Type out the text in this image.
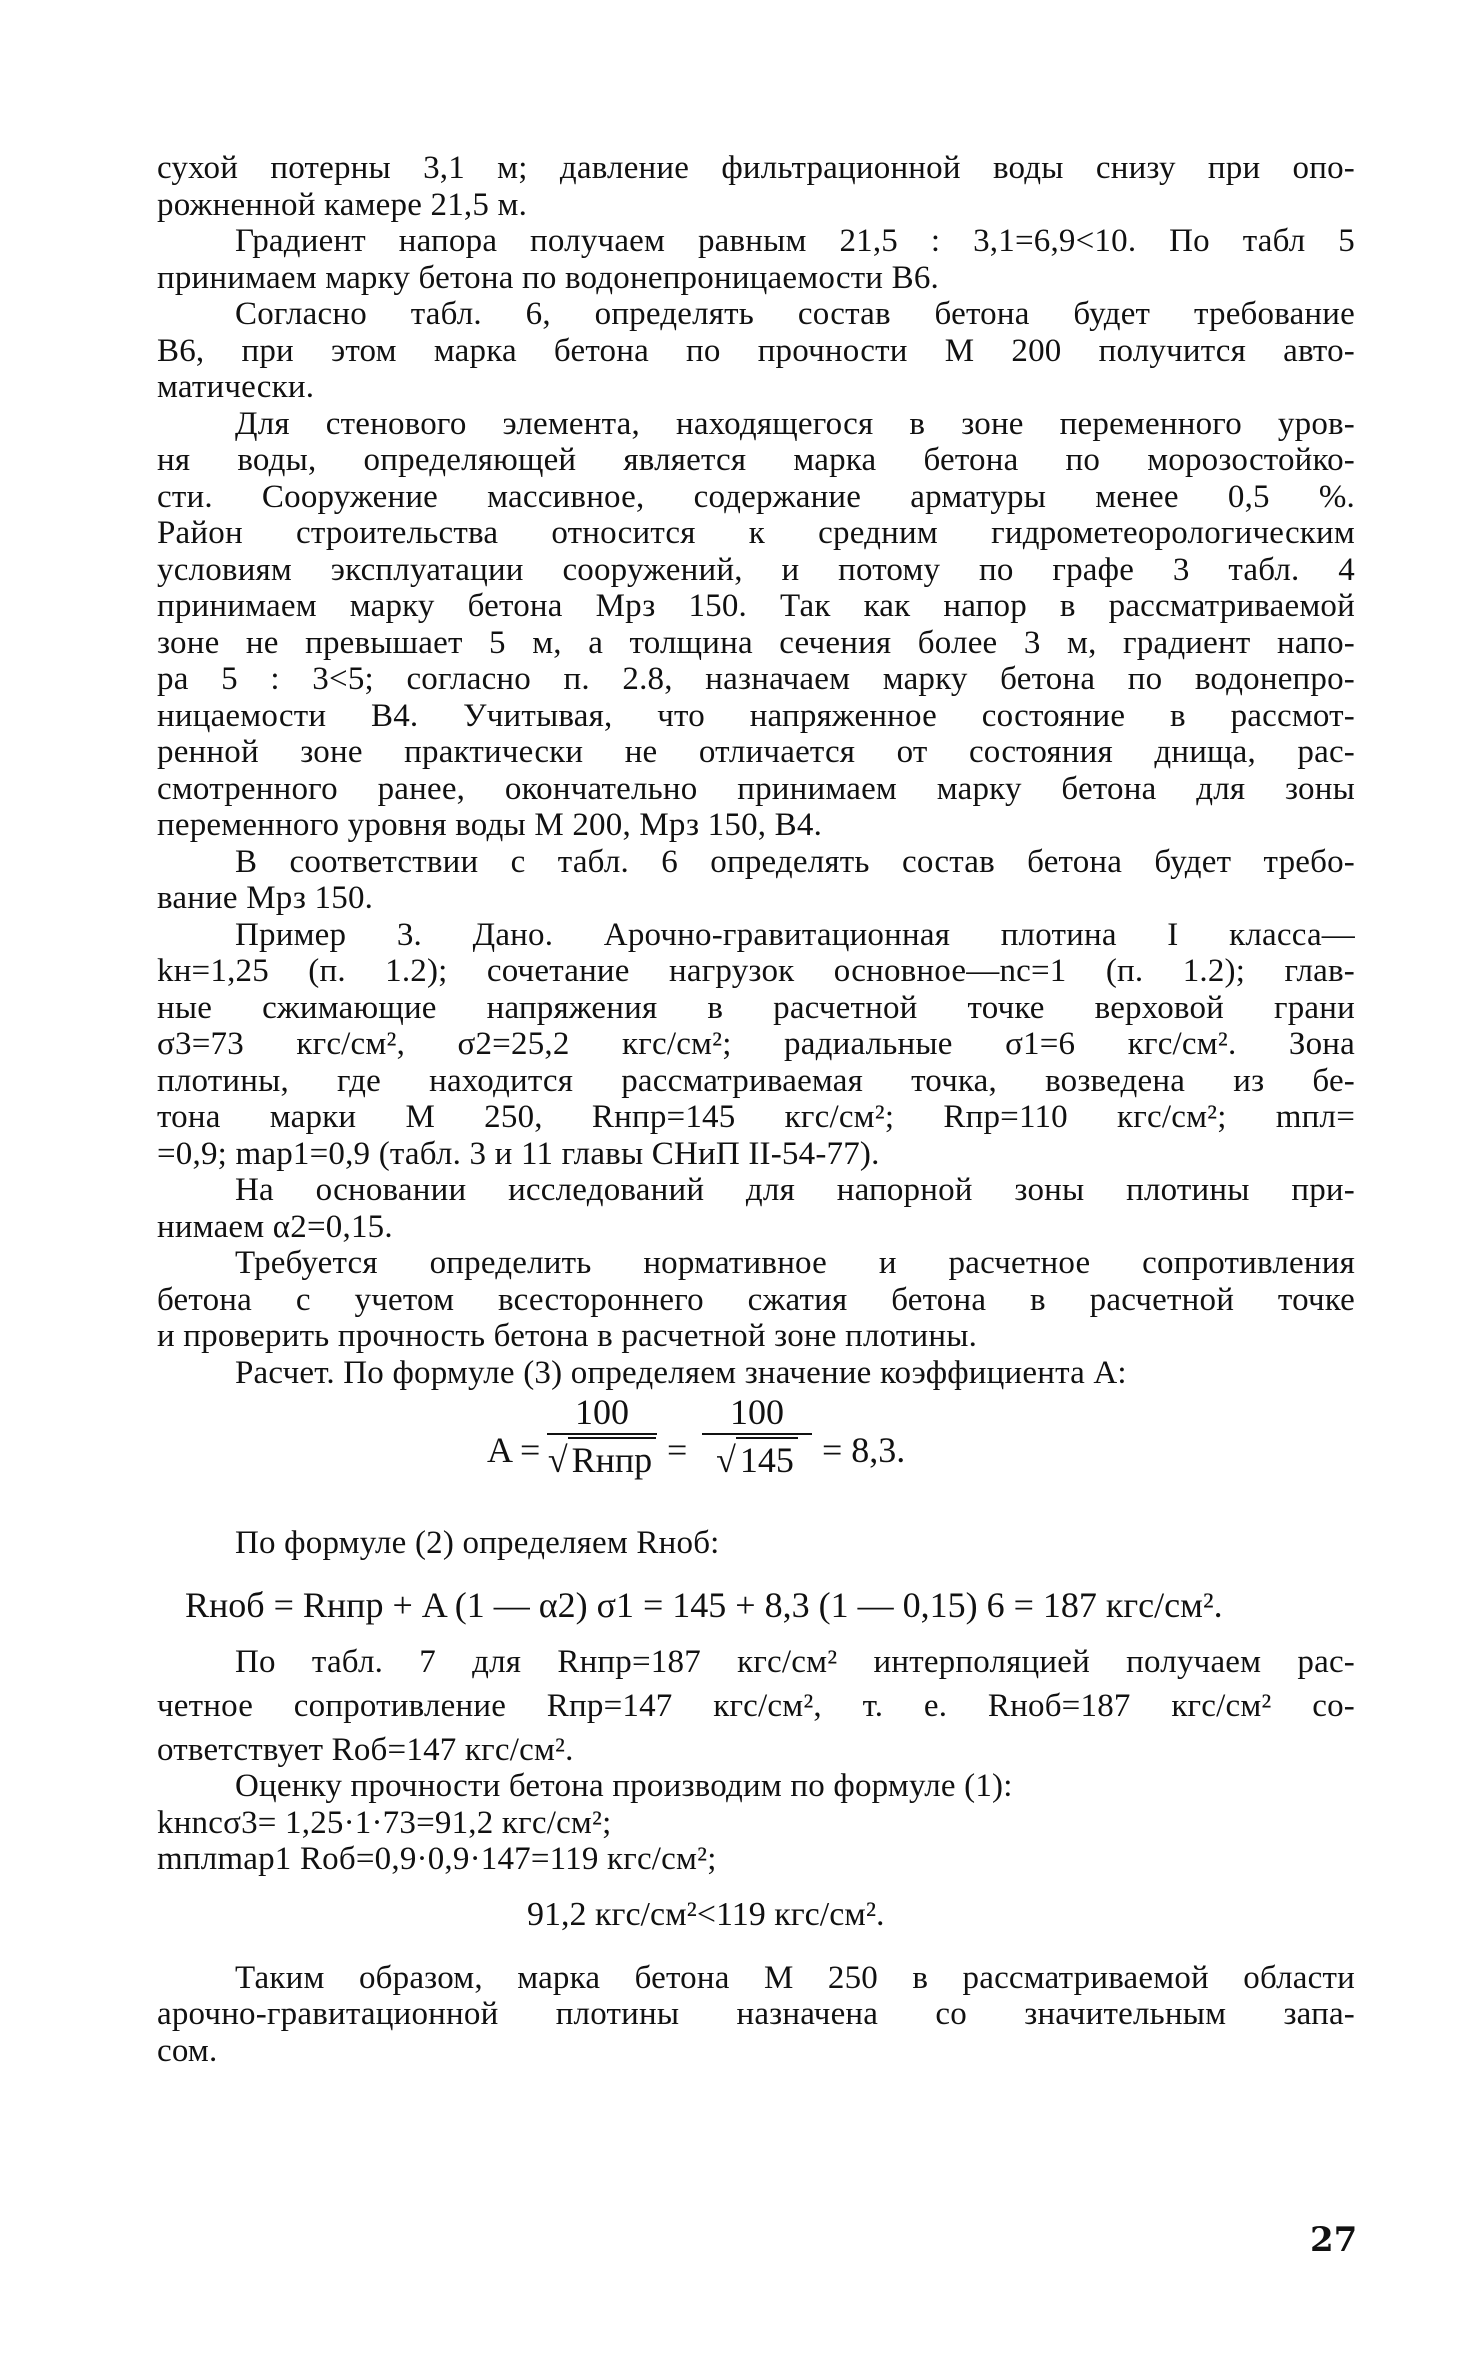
сухой потерны 3,1 м; давление фильтрационной воды снизу при опо-
рожненной камере 21,5 м.
Градиент напора получаем равным 21,5 : 3,1=6,9<10. По табл 5
принимаем марку бетона по водонепроницаемости В6.
Согласно табл. 6, определять состав бетона будет требование
В6, при этом марка бетона по прочности М 200 получится авто-
матически.
Для стенового элемента, находящегося в зоне переменного уров-
ня воды, определяющей является марка бетона по морозостойко-
сти. Сооружение массивное, содержание арматуры менее 0,5 %.
Район строительства относится к средним гидрометеорологическим
условиям эксплуатации сооружений, и потому по графе 3 табл. 4
принимаем марку бетона Мрз 150. Так как напор в рассматриваемой
зоне не превышает 5 м, а толщина сечения более 3 м, градиент напо-
ра 5 : 3<5; согласно п. 2.8, назначаем марку бетона по водонепро-
ницаемости В4. Учитывая, что напряженное состояние в рассмот-
ренной зоне практически не отличается от состояния днища, рас-
смотренного ранее, окончательно принимаем марку бетона для зоны
переменного уровня воды М 200, Мрз 150, В4.
В соответствии с табл. 6 определять состав бетона будет требо-
вание Мрз 150.
Пример 3. Дано. Арочно-гравитационная плотина I класса—
kн=1,25 (п. 1.2); сочетание нагрузок основное—nс=1 (п. 1.2); глав-
ные сжимающие напряжения в расчетной точке верховой грани
σ3=73 кгс/см², σ2=25,2 кгс/см²; радиальные σ1=6 кгс/см². Зона
плотины, где находится рассматриваемая точка, возведена из бе-
тона марки М 250, Rнпр=145 кгс/см²; Rпр=110 кгс/см²; mпл=
=0,9; mар1=0,9 (табл. 3 и 11 главы СНиП II-54-77).
На основании исследований для напорной зоны плотины при-
нимаем α2=0,15.
Требуется определить нормативное и расчетное сопротивления
бетона с учетом всестороннего сжатия бетона в расчетной точке
и проверить прочность бетона в расчетной зоне плотины.
Расчет. По формуле (3) определяем значение коэффициента A:
A =
100
√ Rнпр = $\frac{100}{√ 145} = 8,3$.
По формуле (2) определяем Rноб:
Rноб = Rнпр + A (1 — α2) σ1 = 145 + 8,3 (1 — 0,15) 6 = 187 кгс/см².
По табл. 7 для Rнпр=187 кгс/см² интерполяцией получаем рас-
четное сопротивление Rпр=147 кгс/см², т. е. Rноб=187 кгс/см² со-
ответствует Rоб=147 кгс/см².
Оценку прочности бетона производим по формуле (1):
kнnсσ3= 1,25·1·73=91,2 кгс/см²;
mплmар1 Rоб=0,9·0,9·147=119 кгс/см²;
91,2 кгс/см²<119 кгс/см².
Таким образом, марка бетона М 250 в рассматриваемой области
арочно-гравитационной плотины назначена со значительным запа-
сом.
27
